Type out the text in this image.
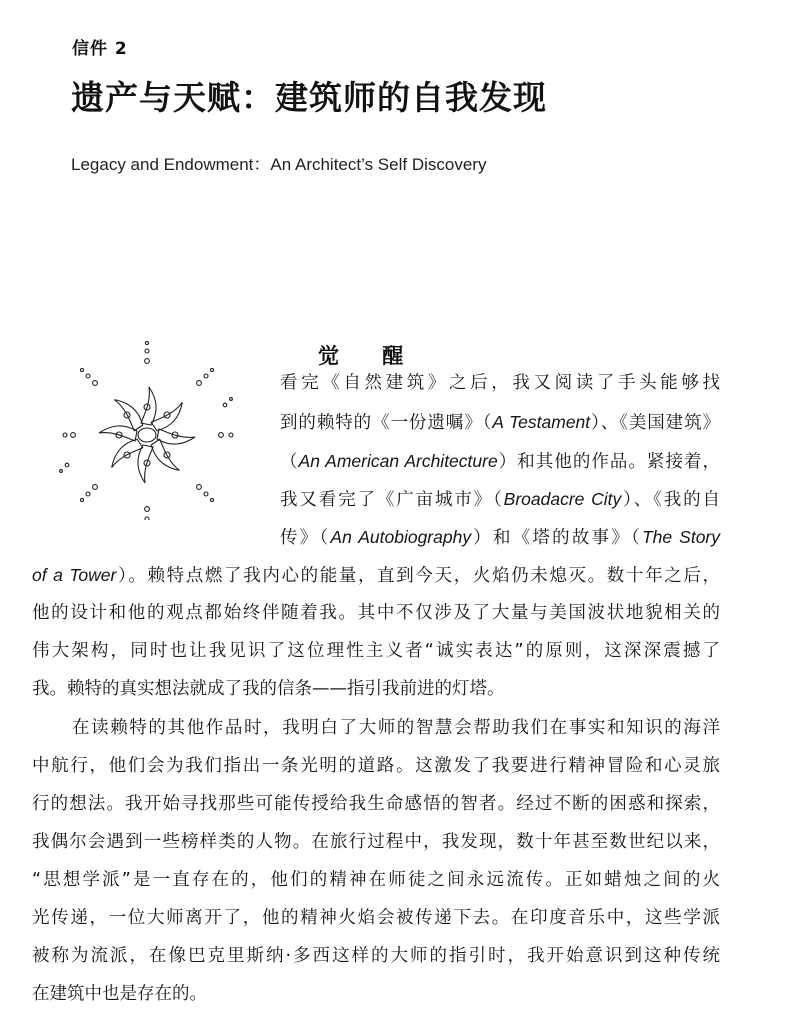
信件 2
遗产与天赋：建筑师的自我发现
Legacy and Endowment：An Architect’s Self Discovery
觉 醒
看完《自然建筑》之后，我又阅读了手头能够找
到的赖特的《一份遗嘱》（A Testament）、《美国建筑》
（An American Architecture）和其他的作品。紧接着，
我又看完了《广亩城市》（Broadacre City）、《我的自
传》（An Autobiography）和《塔的故事》（The Story
of a Tower）。赖特点燃了我内心的能量，直到今天，火焰仍未熄灭。数十年之后，
他的设计和他的观点都始终伴随着我。其中不仅涉及了大量与美国波状地貌相关的
伟大架构，同时也让我见识了这位理性主义者“诚实表达”的原则，这深深震撼了
我。赖特的真实想法就成了我的信条——指引我前进的灯塔。
在读赖特的其他作品时，我明白了大师的智慧会帮助我们在事实和知识的海洋
中航行，他们会为我们指出一条光明的道路。这激发了我要进行精神冒险和心灵旅
行的想法。我开始寻找那些可能传授给我生命感悟的智者。经过不断的困惑和探索，
我偶尔会遇到一些榜样类的人物。在旅行过程中，我发现，数十年甚至数世纪以来，
“思想学派”是一直存在的，他们的精神在师徒之间永远流传。正如蜡烛之间的火
光传递，一位大师离开了，他的精神火焰会被传递下去。在印度音乐中，这些学派
被称为流派，在像巴克里斯纳·多西这样的大师的指引时，我开始意识到这种传统
在建筑中也是存在的。
